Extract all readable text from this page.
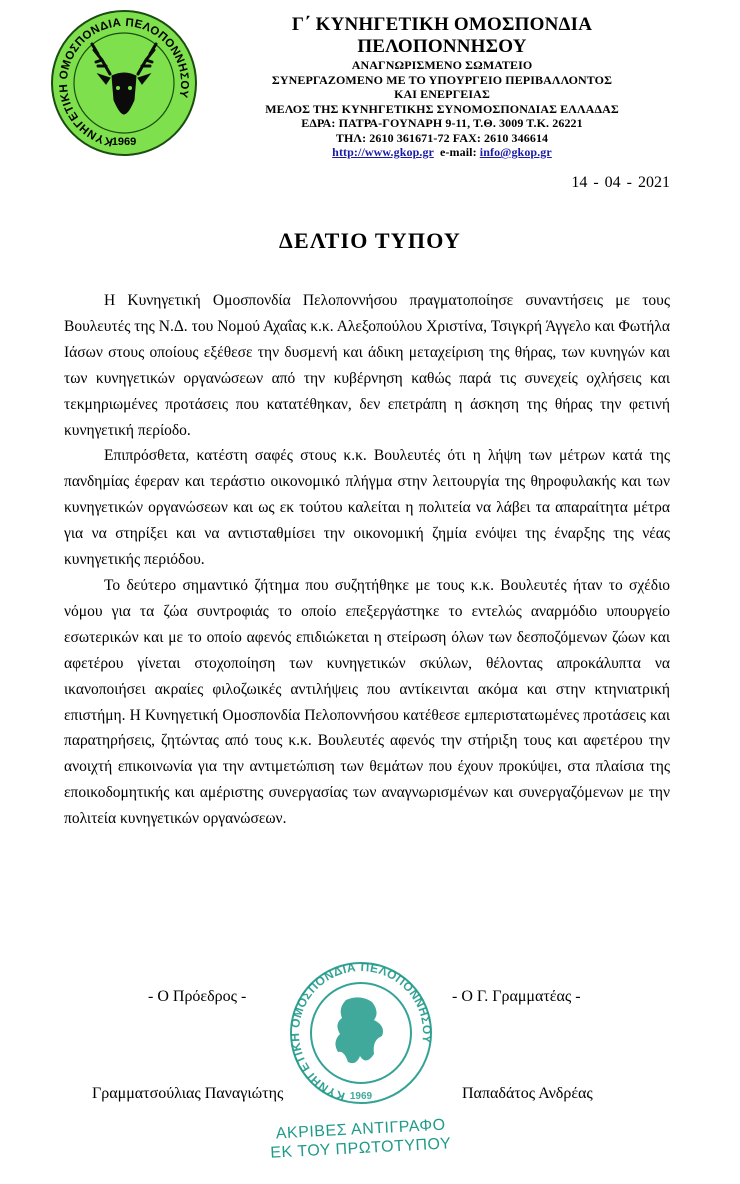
ΚΥΝΗΓΕΤΙΚΗ ΟΜΟΣΠΟΝΔΙΑ ΠΕΛΟΠΟΝΝΗΣΟΥ
1969
Γ΄ ΚΥΝΗΓΕΤΙΚΗ ΟΜΟΣΠΟΝΔΙΑ ΠΕΛΟΠΟΝΝΗΣΟΥ
ΑΝΑΓΝΩΡΙΣΜΕΝΟ ΣΩΜΑΤΕΙΟ
ΣΥΝΕΡΓΑΖΟΜΕΝΟ ΜΕ ΤΟ ΥΠΟΥΡΓΕΙΟ ΠΕΡΙΒΑΛΛΟΝΤΟΣ
ΚΑΙ ΕΝΕΡΓΕΙΑΣ
ΜΕΛΟΣ ΤΗΣ ΚΥΝΗΓΕΤΙΚΗΣ ΣΥΝΟΜΟΣΠΟΝΔΙΑΣ ΕΛΛΑΔΑΣ
ΕΔΡΑ: ΠΑΤΡΑ-ΓΟΥΝΑΡΗ 9-11, Τ.Θ. 3009 Τ.Κ. 26221
ΤΗΛ: 2610 361671-72 FAX: 2610 346614
http://www.gkop.gr e-mail: info@gkop.gr
14 - 04 - 2021
ΔΕΛΤΙΟ ΤΥΠΟΥ

Η Κυνηγετική Ομοσπονδία Πελοποννήσου πραγματοποίησε συναντήσεις με τους Βουλευτές της Ν.Δ. του Νομού Αχαΐας κ.κ. Αλεξοπούλου Χριστίνα, Τσιγκρή Άγγελο και Φωτήλα Ιάσων στους οποίους εξέθεσε την δυσμενή και άδικη μεταχείριση της θήρας, των κυνηγών και των κυνηγετικών οργανώσεων από την κυβέρνηση καθώς παρά τις συνεχείς οχλήσεις και τεκμηριωμένες προτάσεις που κατατέθηκαν, δεν επετράπη η άσκηση της θήρας την φετινή κυνηγετική περίοδο.

Επιπρόσθετα, κατέστη σαφές στους κ.κ. Βουλευτές ότι η λήψη των μέτρων κατά της πανδημίας έφεραν και τεράστιο οικονομικό πλήγμα στην λειτουργία της θηροφυλακής και των κυνηγετικών οργανώσεων και ως εκ τούτου καλείται η πολιτεία να λάβει τα απαραίτητα μέτρα για να στηρίξει και να αντισταθμίσει την οικονομική ζημία ενόψει της έναρξης της νέας κυνηγετικής περιόδου.

Το δεύτερο σημαντικό ζήτημα που συζητήθηκε με τους κ.κ. Βουλευτές ήταν το σχέδιο νόμου για τα ζώα συντροφιάς το οποίο επεξεργάστηκε το εντελώς αναρμόδιο υπουργείο εσωτερικών και με το οποίο αφενός επιδιώκεται η στείρωση όλων των δεσποζόμενων ζώων και αφετέρου γίνεται στοχοποίηση των κυνηγετικών σκύλων, θέλοντας απροκάλυπτα να ικανοποιήσει ακραίες φιλοζωικές αντιλήψεις που αντίκεινται ακόμα και στην κτηνιατρική επιστήμη. Η Κυνηγετική Ομοσπονδία Πελοποννήσου κατέθεσε εμπεριστατωμένες προτάσεις και παρατηρήσεις, ζητώντας από τους κ.κ. Βουλευτές αφενός την στήριξη τους και αφετέρου την ανοιχτή επικοινωνία για την αντιμετώπιση των θεμάτων που έχουν προκύψει, στα πλαίσια της εποικοδομητικής και αμέριστης συνεργασίας των αναγνωρισμένων και συνεργαζόμενων με την πολιτεία κυνηγετικών οργανώσεων.

ΚΥΝΗΓΕΤΙΚΗ ΟΜΟΣΠΟΝΔΙΑ ΠΕΛΟΠΟΝΝΗΣΟΥ
1969
ΑΚΡΙΒΕΣ ΑΝΤΙΓΡΑΦΟ
ΕΚ ΤΟΥ ΠΡΩΤΟΤΥΠΟΥ
- Ο Πρόεδρος -	- Ο Γ. Γραμματέας -
Γραμματσούλιας Παναγιώτης	Παπαδάτος Ανδρέας
